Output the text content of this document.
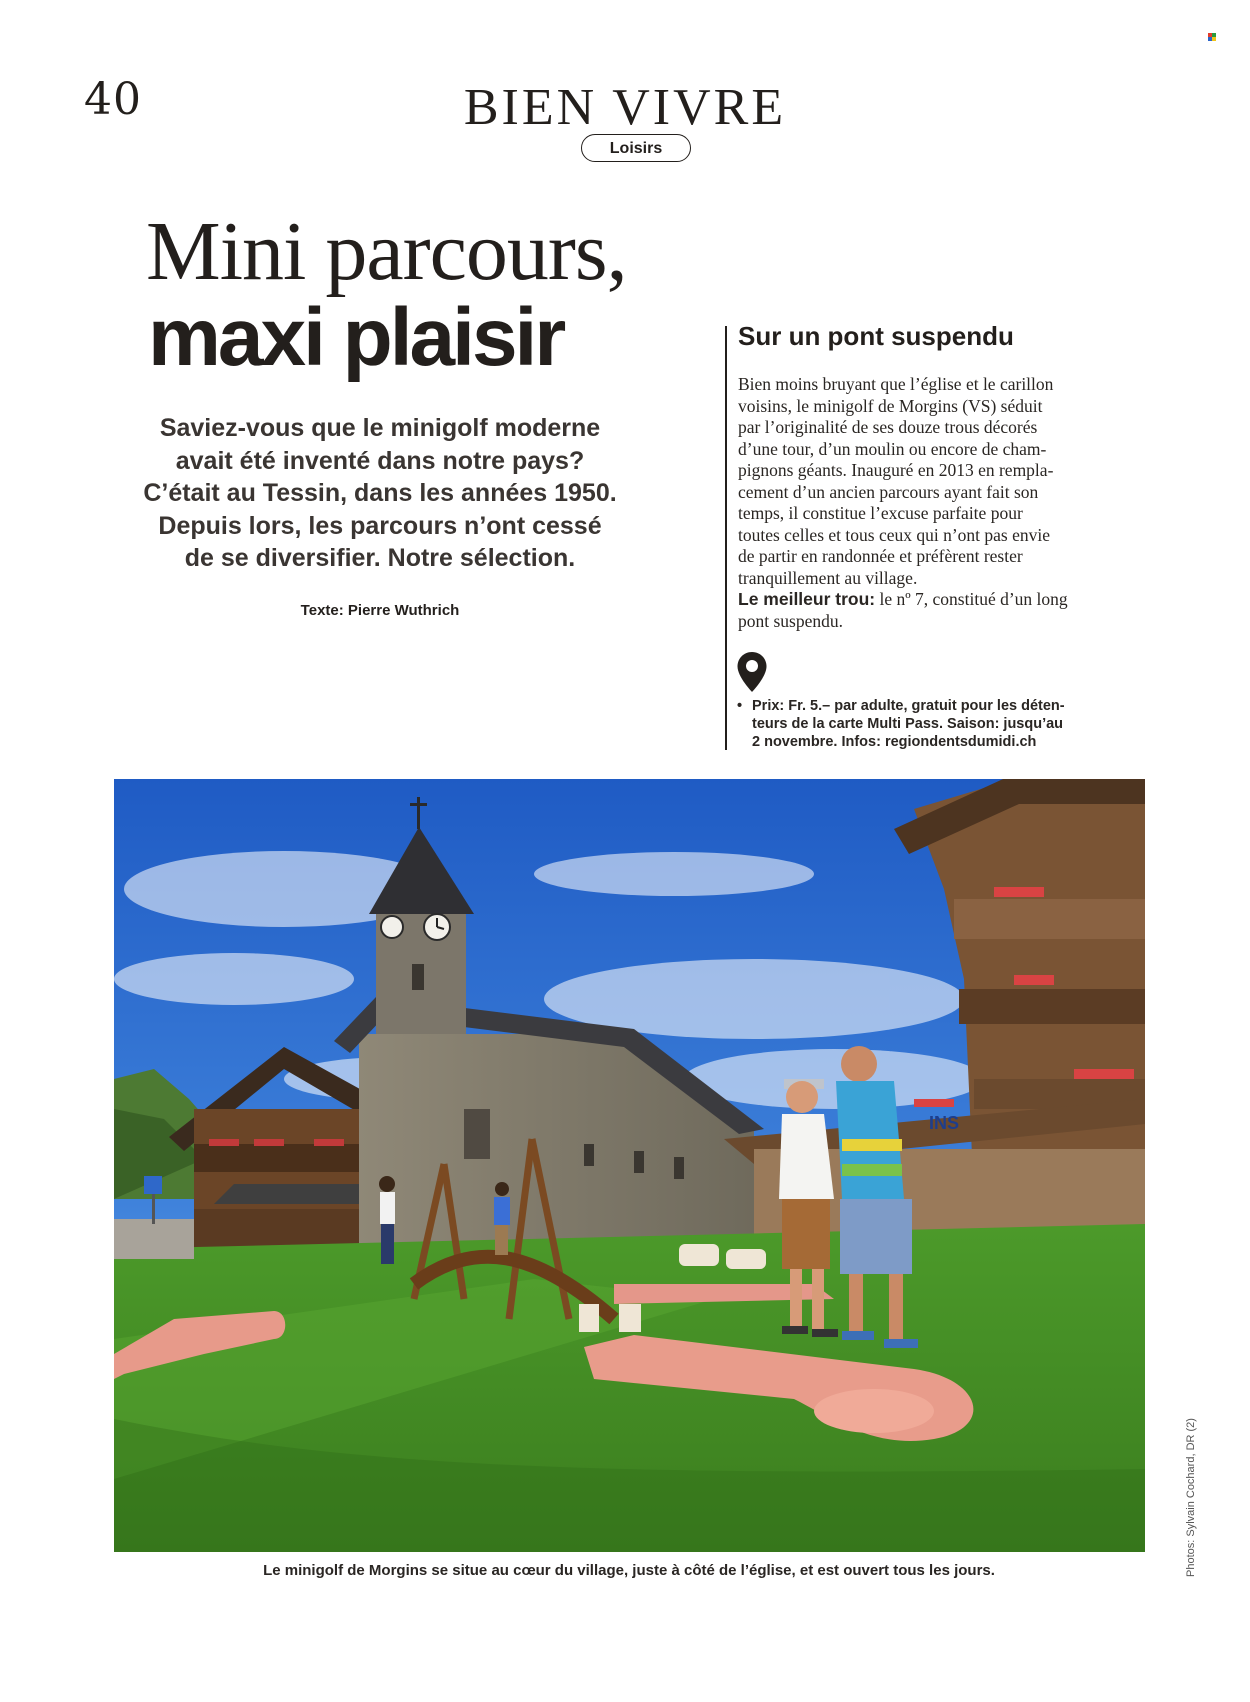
40	BIEN VIVRE
Loisirs
Mini parcours,
maxi plaisir
Saviez-vous que le minigolf moderne
avait été inventé dans notre pays?
C’était au Tessin, dans les années 1950.
Depuis lors, les parcours n’ont cessé
de se diversifier. Notre sélection.
Texte: Pierre Wuthrich
Sur un pont suspendu

Bien moins bruyant que l’église et le carillon

voisins, le minigolf de Morgins (VS) séduit

par l’originalité de ses douze trous décorés

d’une tour, d’un moulin ou encore de cham-

pignons géants. Inauguré en 2013 en rempla-

cement d’un ancien parcours ayant fait son

temps, il constitue l’excuse parfaite pour

toutes celles et tous ceux qui n’ont pas envie

de partir en randonnée et préfèrent rester

tranquillement au village.

Le meilleur trou: le nº 7, constitué d’un long

pont suspendu.

• Prix: Fr. 5.– par adulte, gratuit pour les déten-
teurs de la carte Multi Pass. Saison: jusqu’au
2 novembre. Infos: regiondentsdumidi.ch
INS
Le minigolf de Morgins se situe au cœur du village, juste à côté de l’église, et est ouvert tous les jours.	Photos: Sylvain Cochard, DR (2)
